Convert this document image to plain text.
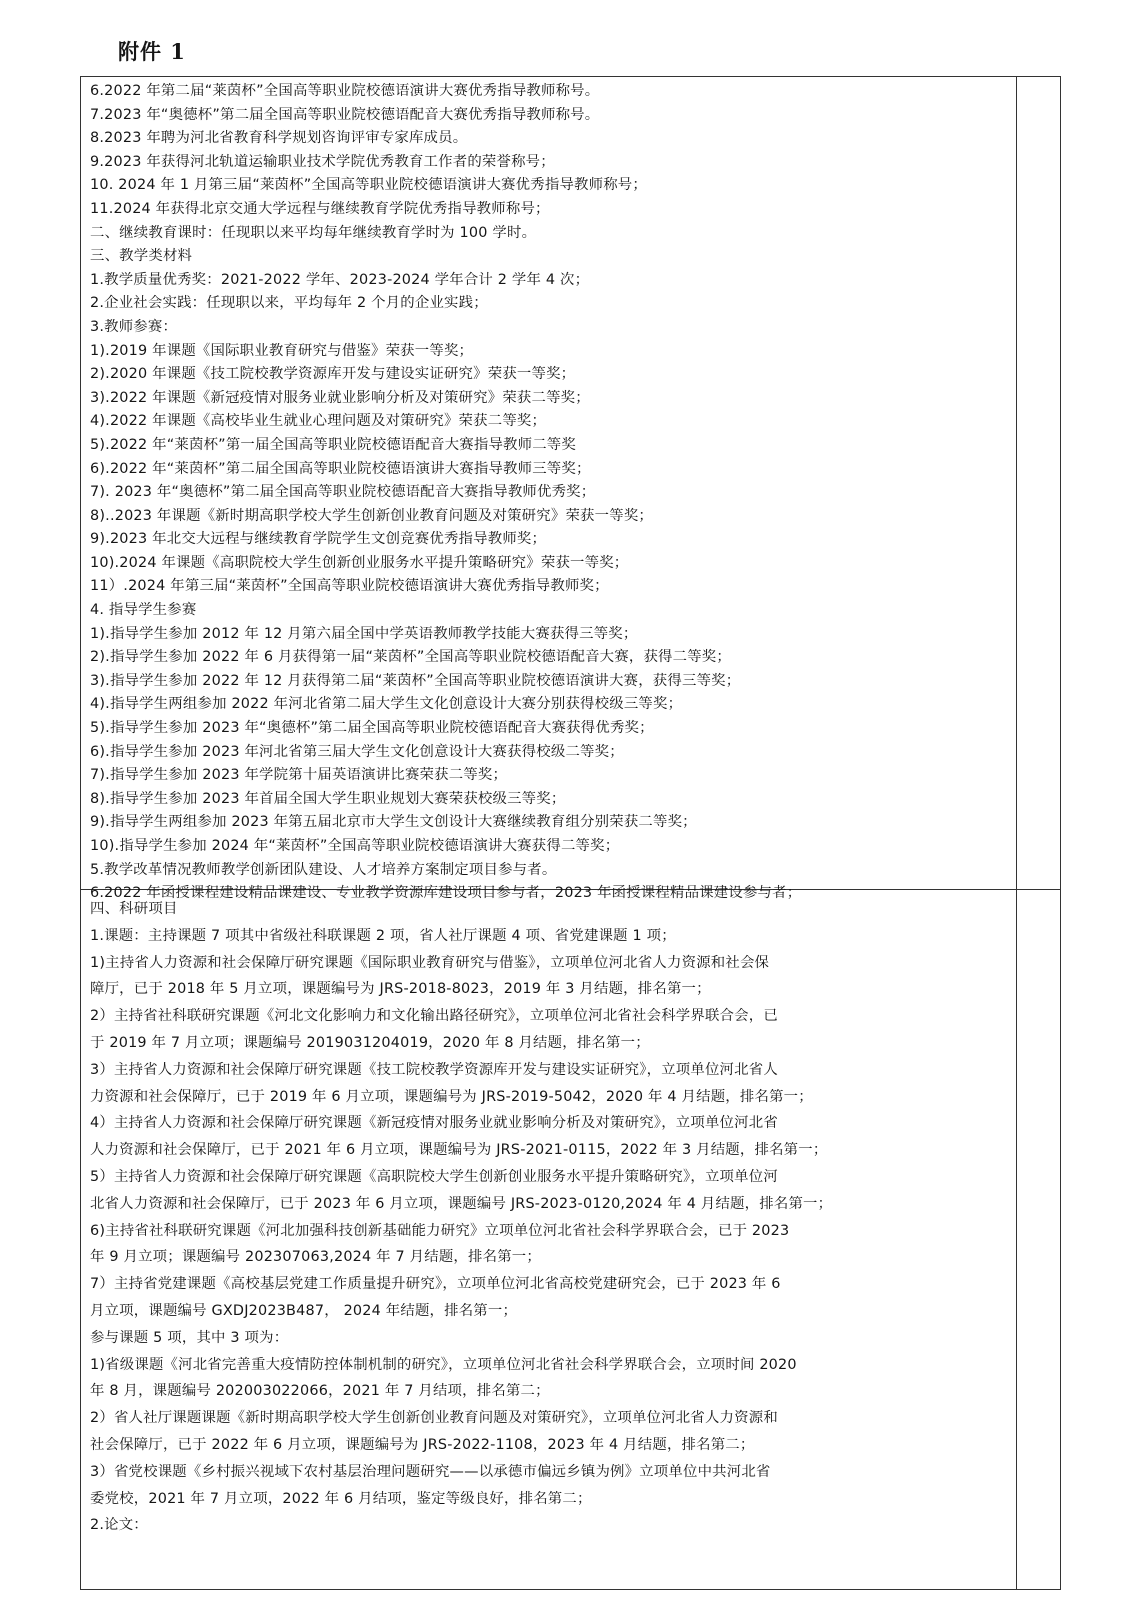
附件 1

6.2022 年第二届“莱茵杯”全国高等职业院校德语演讲大赛优秀指导教师称号。

7.2023 年“奥德杯”第二届全国高等职业院校德语配音大赛优秀指导教师称号。

8.2023 年聘为河北省教育科学规划咨询评审专家库成员。

9.2023 年获得河北轨道运输职业技术学院优秀教育工作者的荣誉称号；

10. 2024 年 1 月第三届“莱茵杯”全国高等职业院校德语演讲大赛优秀指导教师称号；

11.2024 年获得北京交通大学远程与继续教育学院优秀指导教师称号；

二、继续教育课时：任现职以来平均每年继续教育学时为 100 学时。

三、教学类材料

1.教学质量优秀奖：2021-2022 学年、2023-2024 学年合计 2 学年 4 次；

2.企业社会实践：任现职以来，平均每年 2 个月的企业实践；

3.教师参赛：

1).2019 年课题《国际职业教育研究与借鉴》荣获一等奖；

2).2020 年课题《技工院校教学资源库开发与建设实证研究》荣获一等奖；

3).2022 年课题《新冠疫情对服务业就业影响分析及对策研究》荣获二等奖；

4).2022 年课题《高校毕业生就业心理问题及对策研究》荣获二等奖；

5).2022 年“莱茵杯”第一届全国高等职业院校德语配音大赛指导教师二等奖

6).2022 年“莱茵杯”第二届全国高等职业院校德语演讲大赛指导教师三等奖；

7). 2023 年“奥德杯”第二届全国高等职业院校德语配音大赛指导教师优秀奖；

8)..2023 年课题《新时期高职学校大学生创新创业教育问题及对策研究》荣获一等奖；

9).2023 年北交大远程与继续教育学院学生文创竞赛优秀指导教师奖；

10).2024 年课题《高职院校大学生创新创业服务水平提升策略研究》荣获一等奖；

11）.2024 年第三届“莱茵杯”全国高等职业院校德语演讲大赛优秀指导教师奖；

4. 指导学生参赛

1).指导学生参加 2012 年 12 月第六届全国中学英语教师教学技能大赛获得三等奖；

2).指导学生参加 2022 年 6 月获得第一届“莱茵杯”全国高等职业院校德语配音大赛，获得二等奖；

3).指导学生参加 2022 年 12 月获得第二届“莱茵杯”全国高等职业院校德语演讲大赛，获得三等奖；

4).指导学生两组参加 2022 年河北省第二届大学生文化创意设计大赛分别获得校级三等奖；

5).指导学生参加 2023 年“奥德杯”第二届全国高等职业院校德语配音大赛获得优秀奖；

6).指导学生参加 2023 年河北省第三届大学生文化创意设计大赛获得校级二等奖；

7).指导学生参加 2023 年学院第十届英语演讲比赛荣获二等奖；

8).指导学生参加 2023 年首届全国大学生职业规划大赛荣获校级三等奖；

9).指导学生两组参加 2023 年第五届北京市大学生文创设计大赛继续教育组分别荣获二等奖；

10).指导学生参加 2024 年“莱茵杯”全国高等职业院校德语演讲大赛获得二等奖；

5.教学改革情况教师教学创新团队建设、人才培养方案制定项目参与者。

6.2022 年函授课程建设精品课建设、专业教学资源库建设项目参与者，2023 年函授课程精品课建设参与者；

四、科研项目

1.课题：主持课题 7 项其中省级社科联课题 2 项，省人社厅课题 4 项、省党建课题 1 项；

1)主持省人力资源和社会保障厅研究课题《国际职业教育研究与借鉴》，立项单位河北省人力资源和社会保

障厅，已于 2018 年 5 月立项，课题编号为 JRS-2018-8023，2019 年 3 月结题，排名第一；

2）主持省社科联研究课题《河北文化影响力和文化输出路径研究》，立项单位河北省社会科学界联合会，已

于 2019 年 7 月立项；课题编号 2019031204019，2020 年 8 月结题，排名第一；

3）主持省人力资源和社会保障厅研究课题《技工院校教学资源库开发与建设实证研究》，立项单位河北省人

力资源和社会保障厅，已于 2019 年 6 月立项，课题编号为 JRS-2019-5042，2020 年 4 月结题，排名第一；

4）主持省人力资源和社会保障厅研究课题《新冠疫情对服务业就业影响分析及对策研究》，立项单位河北省

人力资源和社会保障厅，已于 2021 年 6 月立项，课题编号为 JRS-2021-0115，2022 年 3 月结题，排名第一；

5）主持省人力资源和社会保障厅研究课题《高职院校大学生创新创业服务水平提升策略研究》，立项单位河

北省人力资源和社会保障厅，已于 2023 年 6 月立项，课题编号 JRS-2023-0120,2024 年 4 月结题，排名第一；

6)主持省社科联研究课题《河北加强科技创新基础能力研究》立项单位河北省社会科学界联合会，已于 2023

年 9 月立项；课题编号 202307063,2024 年 7 月结题，排名第一；

7）主持省党建课题《高校基层党建工作质量提升研究》，立项单位河北省高校党建研究会，已于 2023 年 6

月立项，课题编号 GXDJ2023B487， 2024 年结题，排名第一；

参与课题 5 项，其中 3 项为：

1)省级课题《河北省完善重大疫情防控体制机制的研究》，立项单位河北省社会科学界联合会，立项时间 2020

年 8 月，课题编号 202003022066，2021 年 7 月结项，排名第二；

2）省人社厅课题课题《新时期高职学校大学生创新创业教育问题及对策研究》，立项单位河北省人力资源和

社会保障厅，已于 2022 年 6 月立项，课题编号为 JRS-2022-1108，2023 年 4 月结题，排名第二；

3）省党校课题《乡村振兴视域下农村基层治理问题研究——以承德市偏远乡镇为例》立项单位中共河北省

委党校，2021 年 7 月立项，2022 年 6 月结项，鉴定等级良好，排名第二；

2.论文：
